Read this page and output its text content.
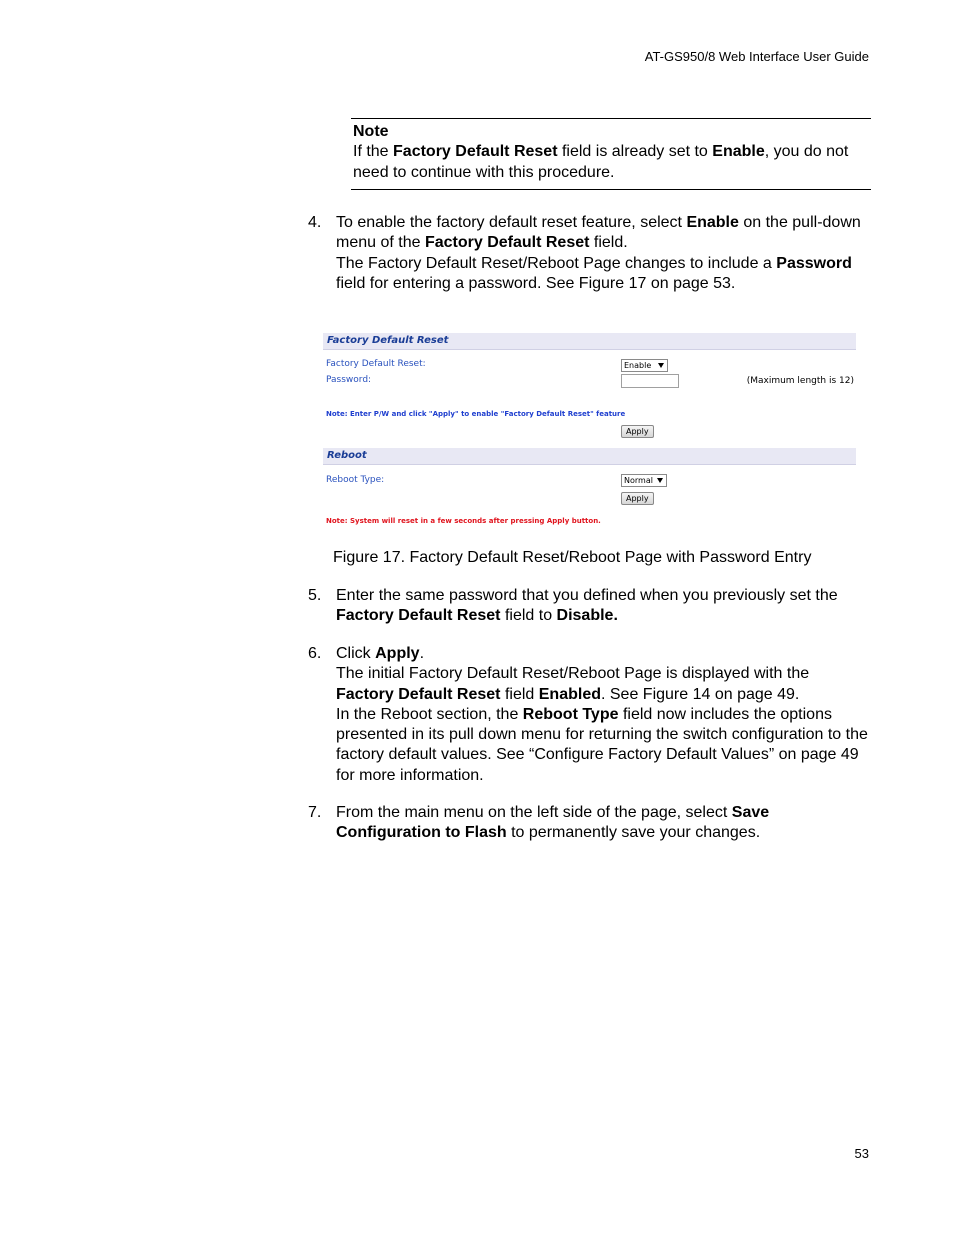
AT-GS950/8 Web Interface User Guide
Note
If the Factory Default Reset field is already set to Enable, you do not need to continue with this procedure.
4. To enable the factory default reset feature, select Enable on the pull-down menu of the Factory Default Reset field.
The Factory Default Reset/Reboot Page changes to include a Password field for entering a password. See Figure 17 on page 53.
Factory Default Reset
Factory Default Reset:	Enable
Password:	(Maximum length is 12)
Note: Enter P/W and click "Apply" to enable "Factory Default Reset" feature
Apply
Reboot
Reboot Type:	Normal
Apply
Note: System will reset in a few seconds after pressing Apply button.
Figure 17. Factory Default Reset/Reboot Page with Password Entry
5. Enter the same password that you defined when you previously set the Factory Default Reset field to Disable.
6. Click Apply.
The initial Factory Default Reset/Reboot Page is displayed with the Factory Default Reset field Enabled. See Figure 14 on page 49.
In the Reboot section, the Reboot Type field now includes the options presented in its pull down menu for returning the switch configuration to the factory default values. See “Configure Factory Default Values” on page 49 for more information.
7. From the main menu on the left side of the page, select Save Configuration to Flash to permanently save your changes.
53
